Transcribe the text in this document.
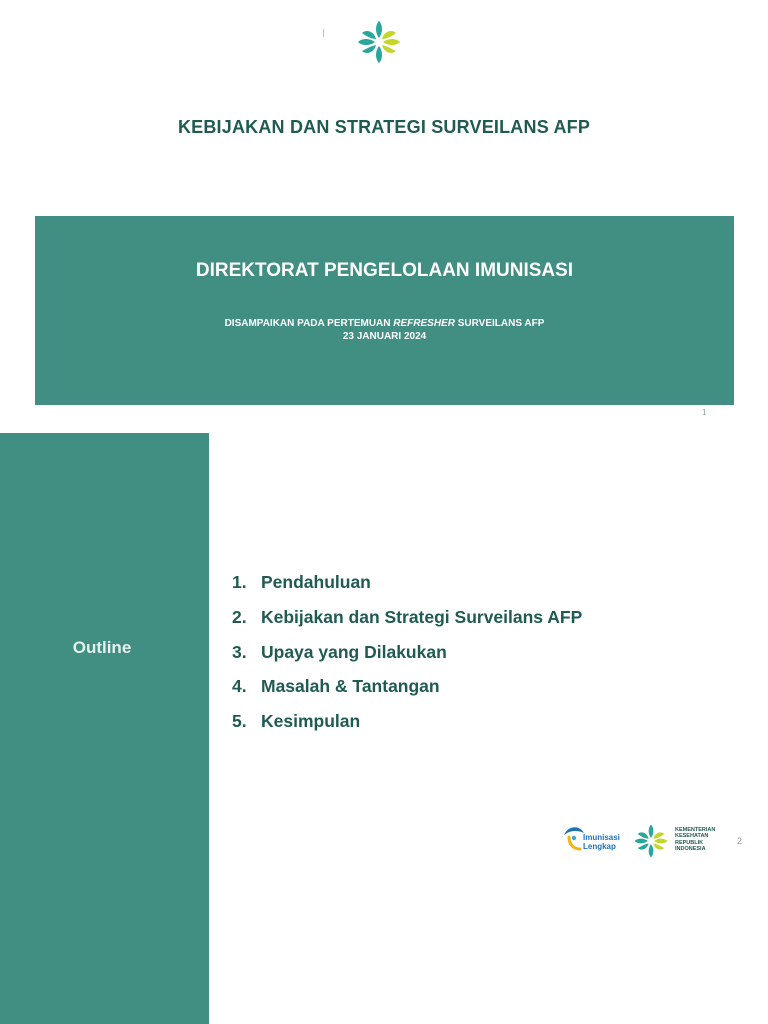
KEBIJAKAN DAN STRATEGI SURVEILANS AFP
DIREKTORAT PENGELOLAAN IMUNISASI
DISAMPAIKAN PADA PERTEMUAN REFRESHER SURVEILANS AFP
23 JANUARI 2024
1
Outline
1. Pendahuluan
2. Kebijakan dan Strategi Surveilans AFP
3. Upaya yang Dilakukan
4. Masalah & Tantangan
5. Kesimpulan
Imunisasi
Lengkap
KEMENTERIAN
KESEHATAN
REPUBLIK
INDONESIA
2
